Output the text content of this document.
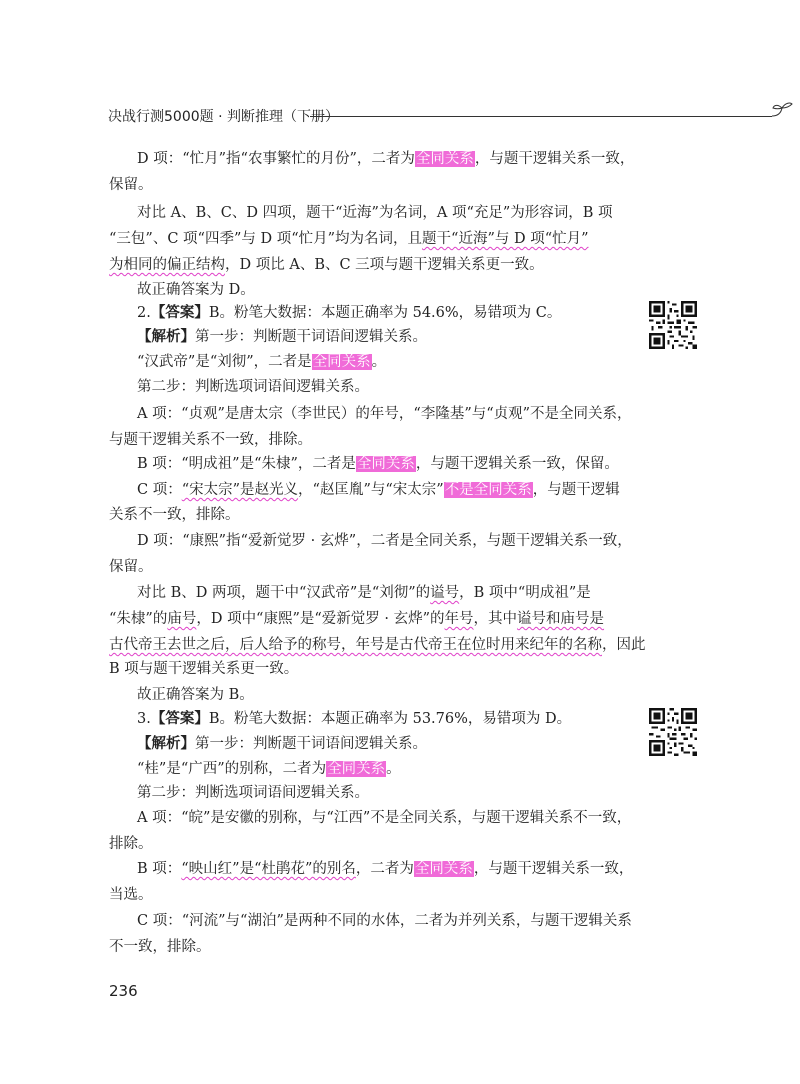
决战行测5000题 · 判断推理（下册）
D 项：“忙月”指“农事繁忙的月份”，二者为全同关系，与题干逻辑关系一致，
保留。
对比 A、B、C、D 四项，题干“近海”为名词，A 项“充足”为形容词，B 项
“三包”、C 项“四季”与 D 项“忙月”均为名词，且题干“近海”与 D 项“忙月”
为相同的偏正结构，D 项比 A、B、C 三项与题干逻辑关系更一致。
故正确答案为 D。
2.【答案】B。粉笔大数据：本题正确率为 54.6%，易错项为 C。
【解析】第一步：判断题干词语间逻辑关系。
“汉武帝”是“刘彻”，二者是全同关系。
第二步：判断选项词语间逻辑关系。
A 项：“贞观”是唐太宗（李世民）的年号，“李隆基”与“贞观”不是全同关系，
与题干逻辑关系不一致，排除。
B 项：“明成祖”是“朱棣”，二者是全同关系，与题干逻辑关系一致，保留。
C 项：“宋太宗”是赵光义，“赵匡胤”与“宋太宗”不是全同关系，与题干逻辑
关系不一致，排除。
D 项：“康熙”指“爱新觉罗 · 玄烨”，二者是全同关系，与题干逻辑关系一致，
保留。
对比 B、D 两项，题干中“汉武帝”是“刘彻”的谥号，B 项中“明成祖”是
“朱棣”的庙号，D 项中“康熙”是“爱新觉罗 · 玄烨”的年号，其中谥号和庙号是
古代帝王去世之后，后人给予的称号，年号是古代帝王在位时用来纪年的名称，因此
B 项与题干逻辑关系更一致。
故正确答案为 B。
3.【答案】B。粉笔大数据：本题正确率为 53.76%，易错项为 D。
【解析】第一步：判断题干词语间逻辑关系。
“桂”是“广西”的别称，二者为全同关系。
第二步：判断选项词语间逻辑关系。
A 项：“皖”是安徽的别称，与“江西”不是全同关系，与题干逻辑关系不一致，
排除。
B 项：“映山红”是“杜鹃花”的别名，二者为全同关系，与题干逻辑关系一致，
当选。
C 项：“河流”与“湖泊”是两种不同的水体，二者为并列关系，与题干逻辑关系
不一致，排除。
236
